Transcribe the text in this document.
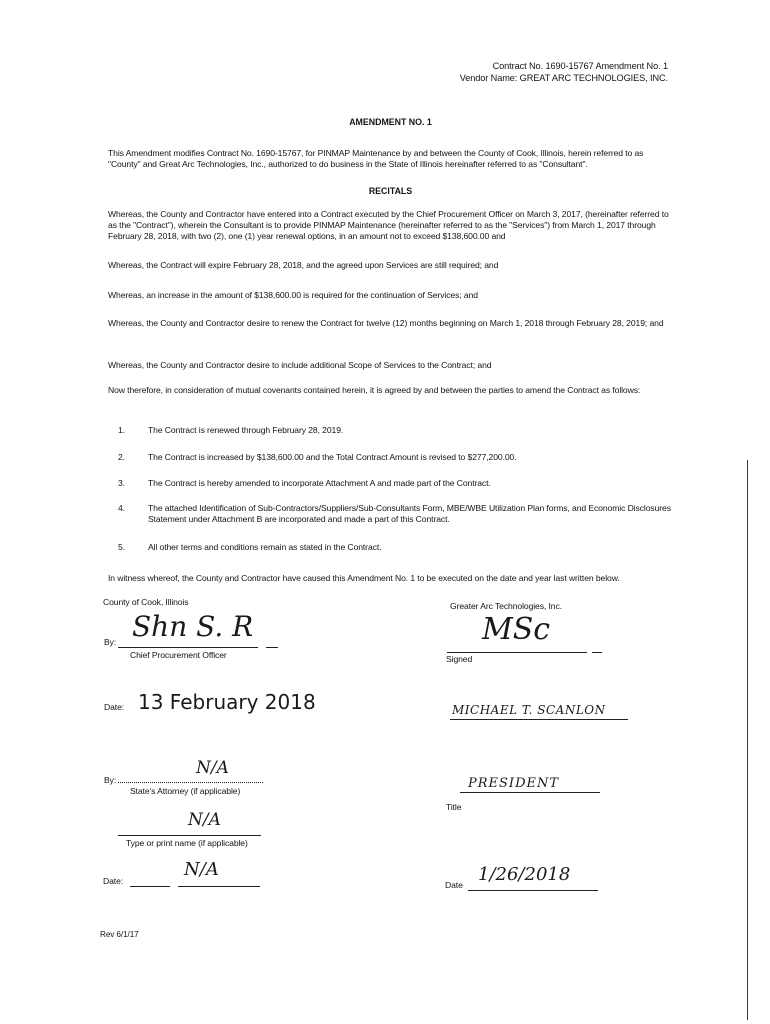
Contract No. 1690-15767 Amendment No. 1
Vendor Name: GREAT ARC TECHNOLOGIES, INC.
AMENDMENT NO. 1
This Amendment modifies Contract No. 1690-15767, for PINMAP Maintenance by and between the County of Cook, Illinois, herein referred to as "County" and Great Arc Technologies, Inc., authorized to do business in the State of Illinois hereinafter referred to as "Consultant".
RECITALS
Whereas, the County and Contractor have entered into a Contract executed by the Chief Procurement Officer on March 3, 2017, (hereinafter referred to as the "Contract"), wherein the Consultant is to provide PINMAP Maintenance (hereinafter referred to as the "Services") from March 1, 2017 through February 28, 2018, with two (2), one (1) year renewal options, in an amount not to exceed $138,600.00 and
Whereas, the Contract will expire February 28, 2018, and the agreed upon Services are still required; and
Whereas, an increase in the amount of $138,600.00 is required for the continuation of Services; and
Whereas, the County and Contractor desire to renew the Contract for twelve (12) months beginning on March 1, 2018 through February 28, 2019; and
Whereas, the County and Contractor desire to include additional Scope of Services to the Contract; and
Now therefore, in consideration of mutual covenants contained herein, it is agreed by and between the parties to amend the Contract as follows:
1.	The Contract is renewed through February 28, 2019.
2.	The Contract is increased by $138,600.00 and the Total Contract Amount is revised to $277,200.00.
3.	The Contract is hereby amended to incorporate Attachment A and made part of the Contract.
4.	The attached Identification of Sub-Contractors/Suppliers/Sub-Consultants Form, MBE/WBE Utilization Plan forms, and Economic Disclosures Statement under Attachment B are incorporated and made a part of this Contract.
5.	All other terms and conditions remain as stated in the Contract.
In witness whereof, the County and Contractor have caused this Amendment No. 1 to be executed on the date and year last written below.
County of Cook, Illinois
By: Shn S. R
Chief Procurement Officer
Date: 13 February 2018
By:
N/A
State's Attorney (if applicable)
N/A
Type or print name (if applicable)
Date:
N/A
Greater Arc Technologies, Inc.
MSc
Signed
MICHAEL T. SCANLON
PRESIDENT
Title
Date 1/26/2018
Rev 6/1/17
